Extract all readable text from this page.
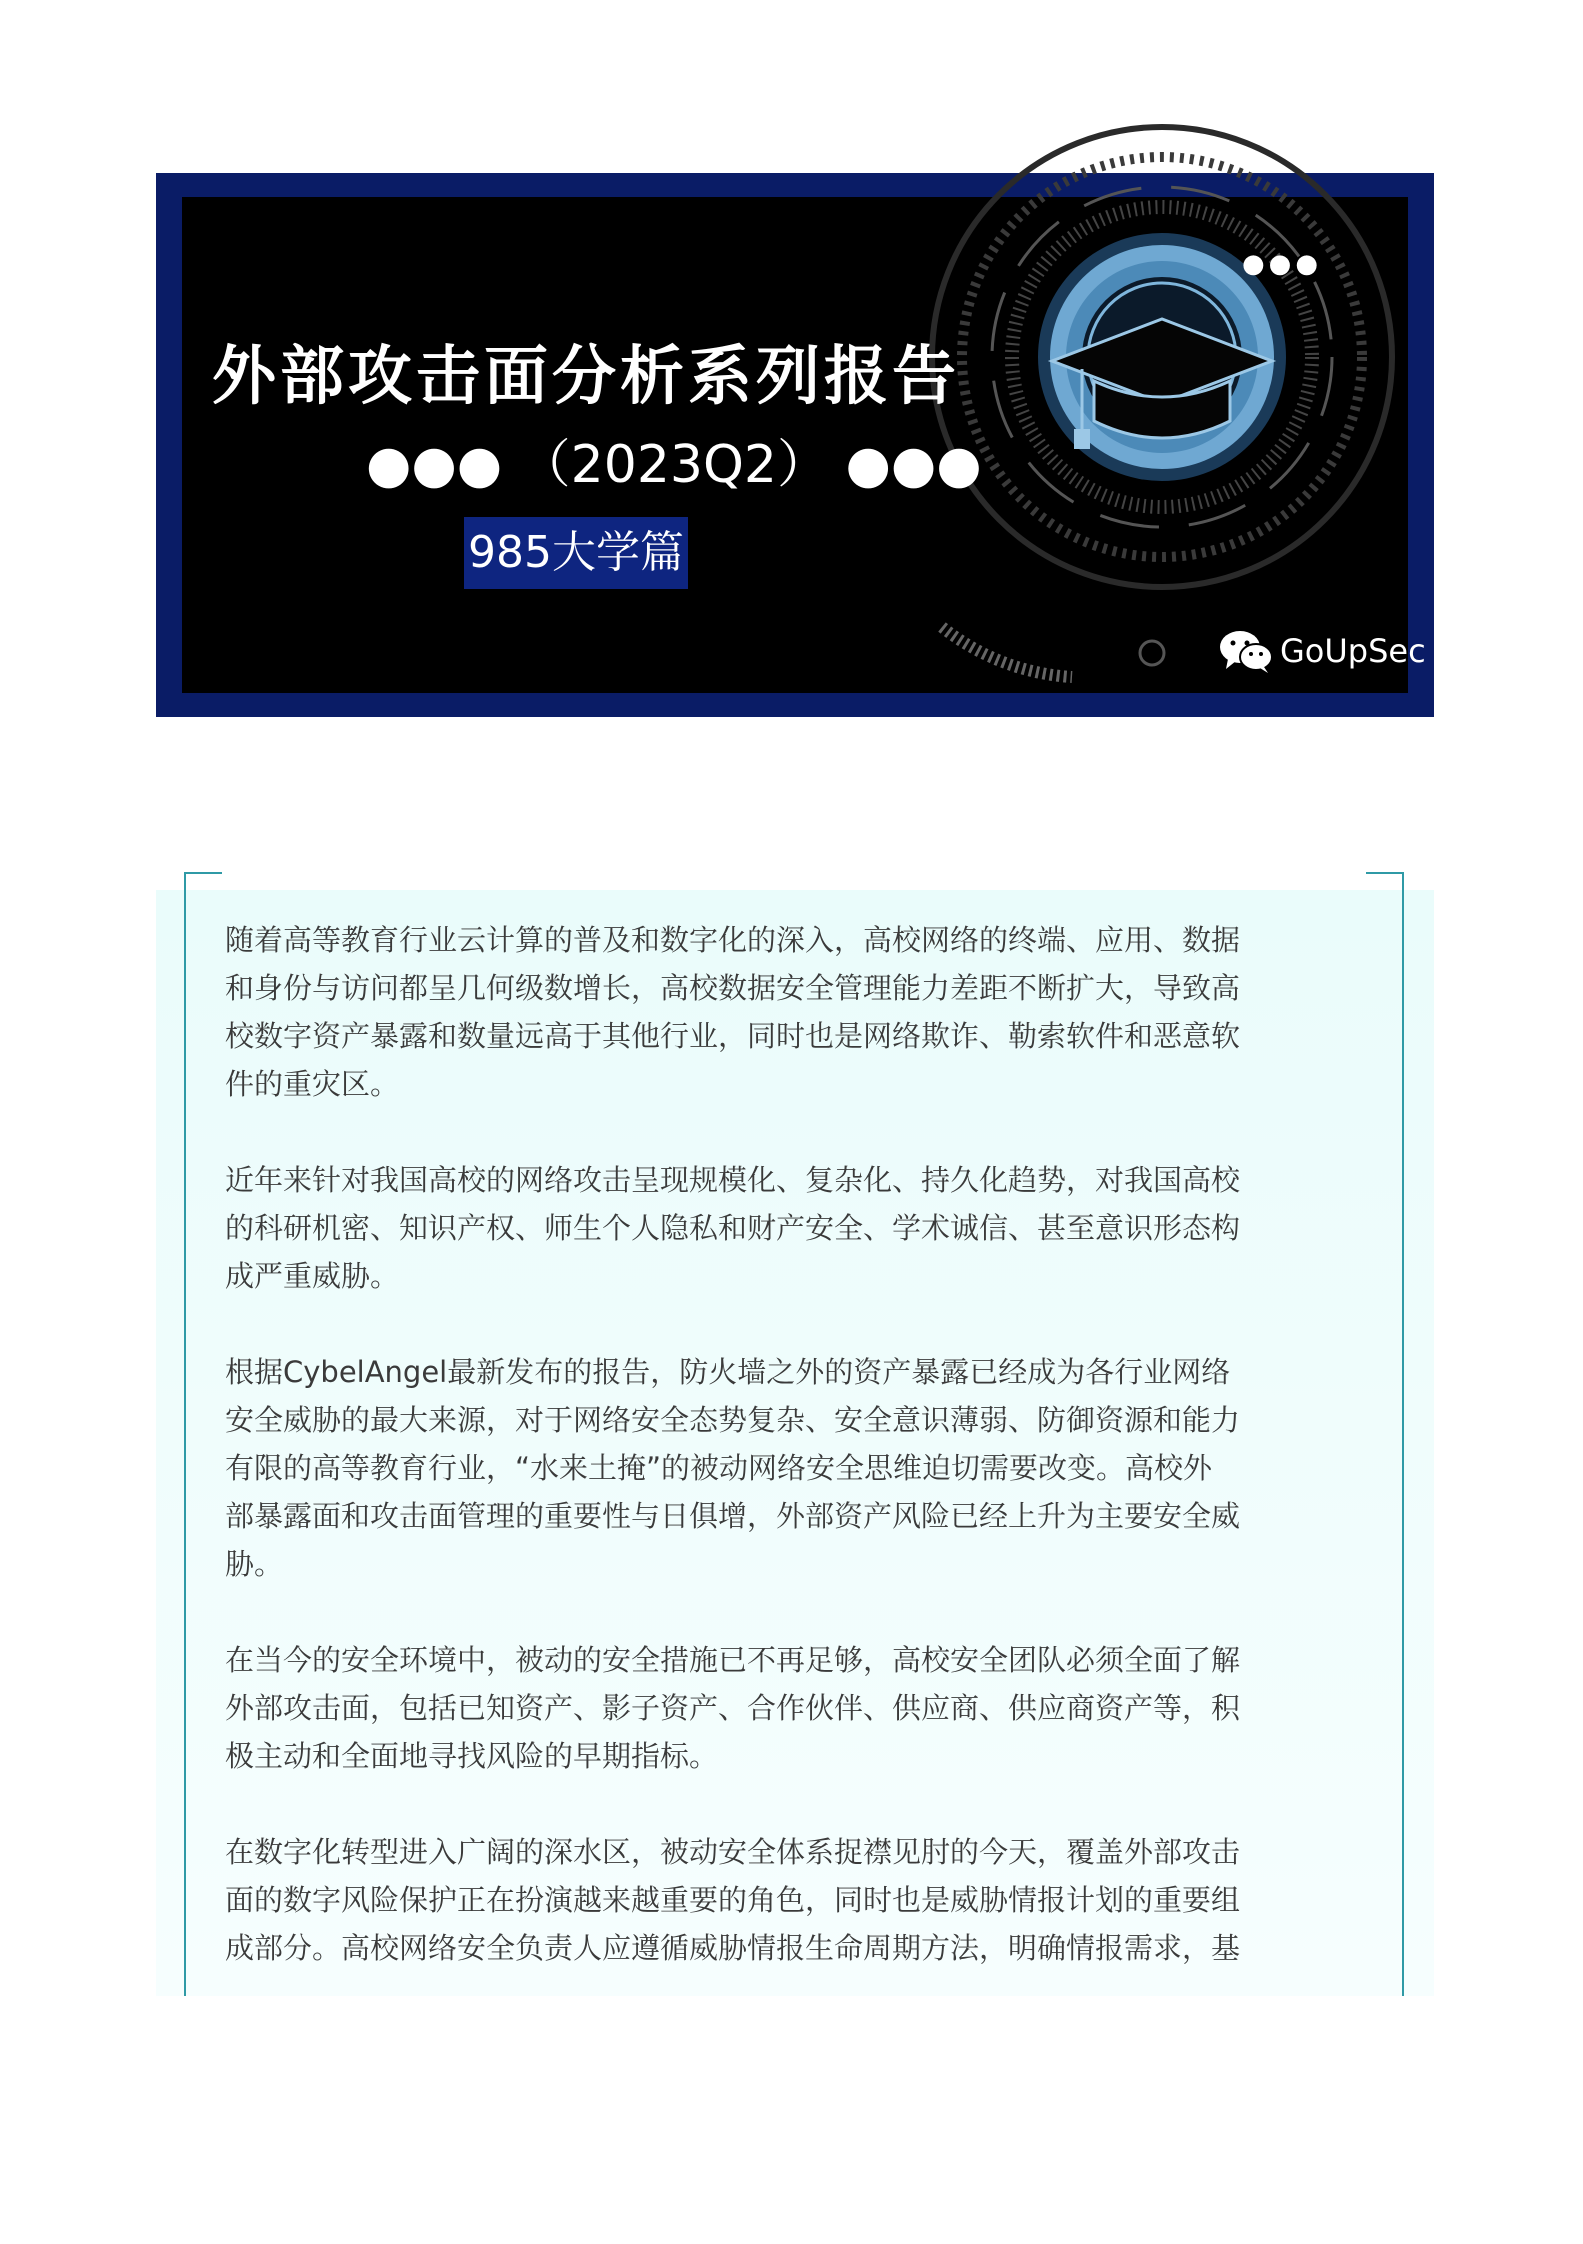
外部攻击面分析系列报告
●●● （2023Q2） ●●●
985大学篇
●●●
GoUpSec

随着高等教育行业云计算的普及和数字化的深入，高校网络的终端、应用、数据
和身份与访问都呈几何级数增长，高校数据安全管理能力差距不断扩大，导致高
校数字资产暴露和数量远高于其他行业，同时也是网络欺诈、勒索软件和恶意软
件的重灾区。

近年来针对我国高校的网络攻击呈现规模化、复杂化、持久化趋势，对我国高校
的科研机密、知识产权、师生个人隐私和财产安全、学术诚信、甚至意识形态构
成严重威胁。

根据CybelAngel最新发布的报告，防火墙之外的资产暴露已经成为各行业网络
安全威胁的最大来源，对于网络安全态势复杂、安全意识薄弱、防御资源和能力
有限的高等教育行业，“水来土掩”的被动网络安全思维迫切需要改变。高校外
部暴露面和攻击面管理的重要性与日俱增，外部资产风险已经上升为主要安全威
胁。

在当今的安全环境中，被动的安全措施已不再足够，高校安全团队必须全面了解
外部攻击面，包括已知资产、影子资产、合作伙伴、供应商、供应商资产等，积
极主动和全面地寻找风险的早期指标。

在数字化转型进入广阔的深水区，被动安全体系捉襟见肘的今天，覆盖外部攻击
面的数字风险保护正在扮演越来越重要的角色，同时也是威胁情报计划的重要组
成部分。高校网络安全负责人应遵循威胁情报生命周期方法，明确情报需求，基
